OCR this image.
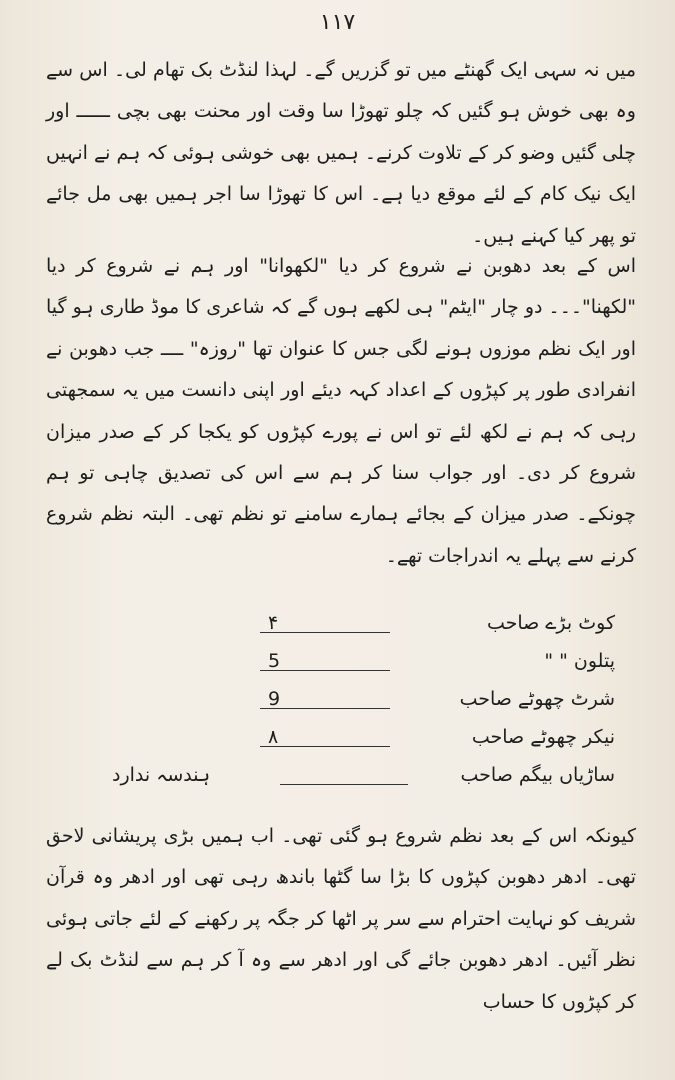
۱۱۷
میں نہ سہی ایک گھنٹے میں تو گزریں گے۔ لہذا لنڈٹ بک تھام لی۔ اس سے وہ بھی خوش ہو گئیں کہ چلو تھوڑا سا وقت اور محنت بھی بچی ــــــ اور چلی گئیں وضو کر کے تلاوت کرنے۔ ہمیں بھی خوشی ہوئی کہ ہم نے انہیں ایک نیک کام کے لئے موقع دیا ہے۔ اس کا تھوڑا سا اجر ہمیں بھی مل جائے تو پھر کیا کہنے ہیں۔
اس کے بعد دھوبن نے شروع کر دیا "لکھوانا" اور ہم نے شروع کر دیا "لکھنا"۔۔۔ دو چار "ایٹم" ہی لکھے ہوں گے کہ شاعری کا موڈ طاری ہو گیا اور ایک نظم موزوں ہونے لگی جس کا عنوان تھا "روزہ" ــــ جب دھوبن نے انفرادی طور پر کپڑوں کے اعداد کہہ دیئے اور اپنی دانست میں یہ سمجھتی رہی کہ ہم نے لکھ لئے تو اس نے پورے کپڑوں کو یکجا کر کے صدر میزان شروع کر دی۔ اور جواب سنا کر ہم سے اس کی تصدیق چاہی تو ہم چونکے۔ صدر میزان کے بجائے ہمارے سامنے تو نظم تھی۔ البتہ نظم شروع کرنے سے پہلے یہ اندراجات تھے۔
کوٹ بڑے صاحب
۴
پتلون " "
5
شرٹ چھوٹے صاحب
9
نیکر چھوٹے صاحب
۸
ساڑیاں بیگم صاحب
ہندسہ ندارد
کیونکہ اس کے بعد نظم شروع ہو گئی تھی۔ اب ہمیں بڑی پریشانی لاحق تھی۔ ادھر دھوبن کپڑوں کا بڑا سا گٹھا باندھ رہی تھی اور ادھر وہ قرآن شریف کو نہایت احترام سے سر پر اٹھا کر جگہ پر رکھنے کے لئے جاتی ہوئی نظر آئیں۔ ادھر دھوبن جائے گی اور ادھر سے وہ آ کر ہم سے لنڈٹ بک لے کر کپڑوں کا حساب
